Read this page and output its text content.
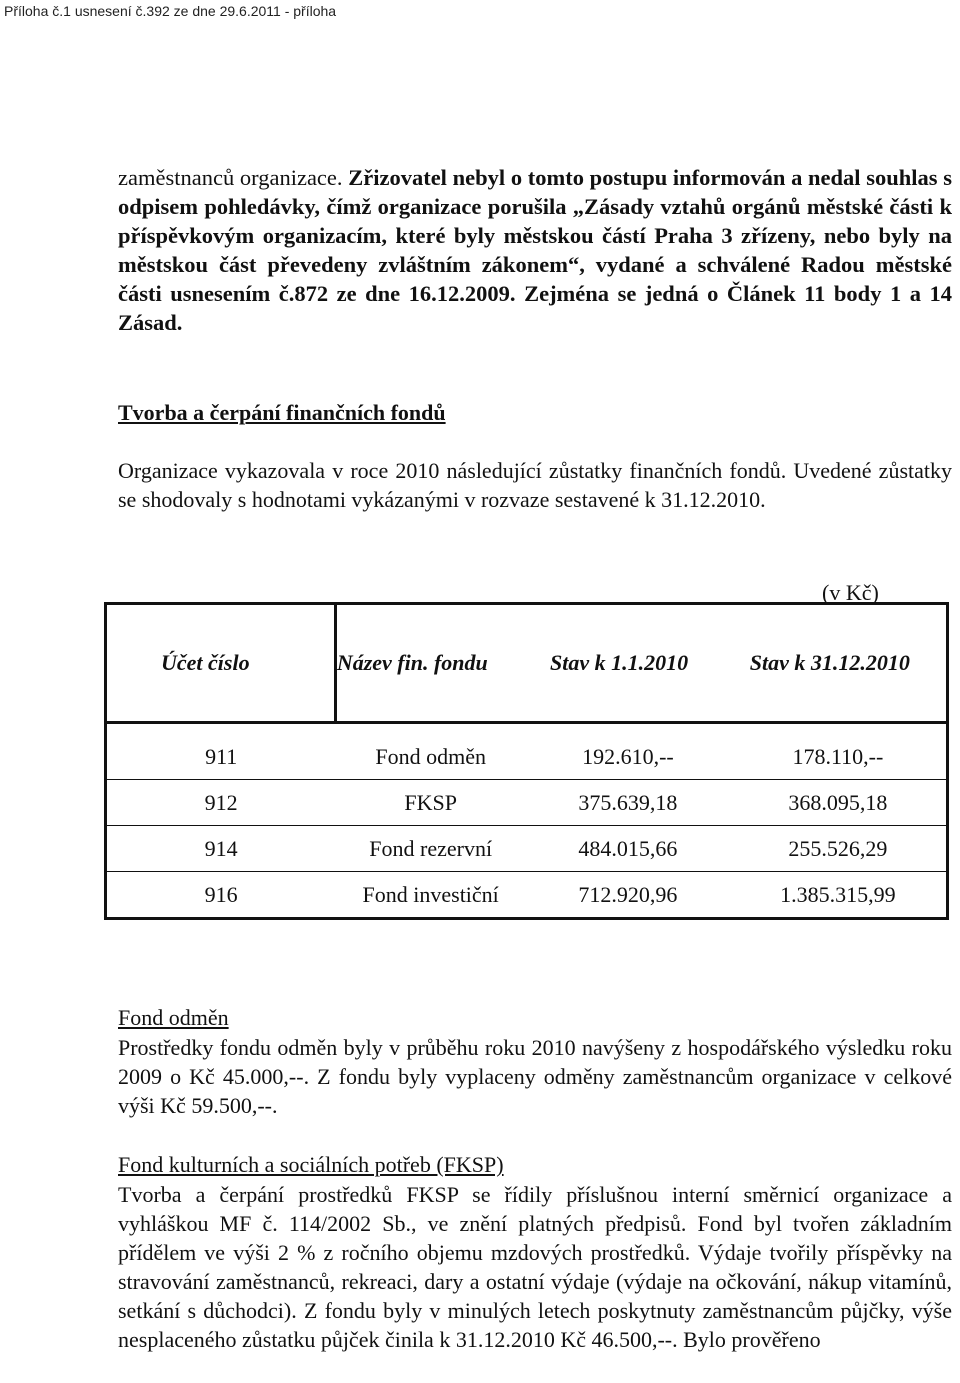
Příloha č.1 usnesení č.392 ze dne 29.6.2011 - příloha

zaměstnanců organizace. Zřizovatel nebyl o tomto postupu informován a nedal souhlas s odpisem pohledávky, čímž organizace porušila „Zásady vztahů orgánů městské části k příspěvkovým organizacím, které byly městskou částí Praha 3 zřízeny, nebo byly na městskou část převedeny zvláštním zákonem“, vydané a schválené Radou městské části usnesením č.872 ze dne 16.12.2009. Zejména se jedná o Článek 11 body 1 a 14 Zásad.

Tvorba a čerpání finančních fondů

Organizace vykazovala v roce 2010 následující zůstatky finančních fondů. Uvedené zůstatky se shodovaly s hodnotami vykázanými v rozvaze sestavené k 31.12.2010.

(v Kč)
Účet číslo	Název fin. fondu	Stav k 1.1.2010	Stav k 31.12.2010
911	Fond odměn	192.610,--	178.110,--
912	FKSP	375.639,18	368.095,18
914	Fond rezervní	484.015,66	255.526,29
916	Fond investiční	712.920,96	1.385.315,99
Fond odměn

Prostředky fondu odměn byly v průběhu roku 2010 navýšeny z hospodářského výsledku roku 2009 o Kč 45.000,--. Z fondu byly vyplaceny odměny zaměstnancům organizace v celkové výši Kč 59.500,--.

Fond kulturních a sociálních potřeb (FKSP)

Tvorba a čerpání prostředků FKSP se řídily příslušnou interní směrnicí organizace a vyhláškou MF č. 114/2002 Sb., ve znění platných předpisů. Fond byl tvořen základním přídělem ve výši 2 % z ročního objemu mzdových prostředků. Výdaje tvořily příspěvky na stravování zaměstnanců, rekreaci, dary a ostatní výdaje (výdaje na očkování, nákup vitamínů, setkání s důchodci). Z fondu byly v minulých letech poskytnuty zaměstnancům půjčky, výše nesplaceného zůstatku půjček činila k 31.12.2010 Kč 46.500,--. Bylo prověřeno
